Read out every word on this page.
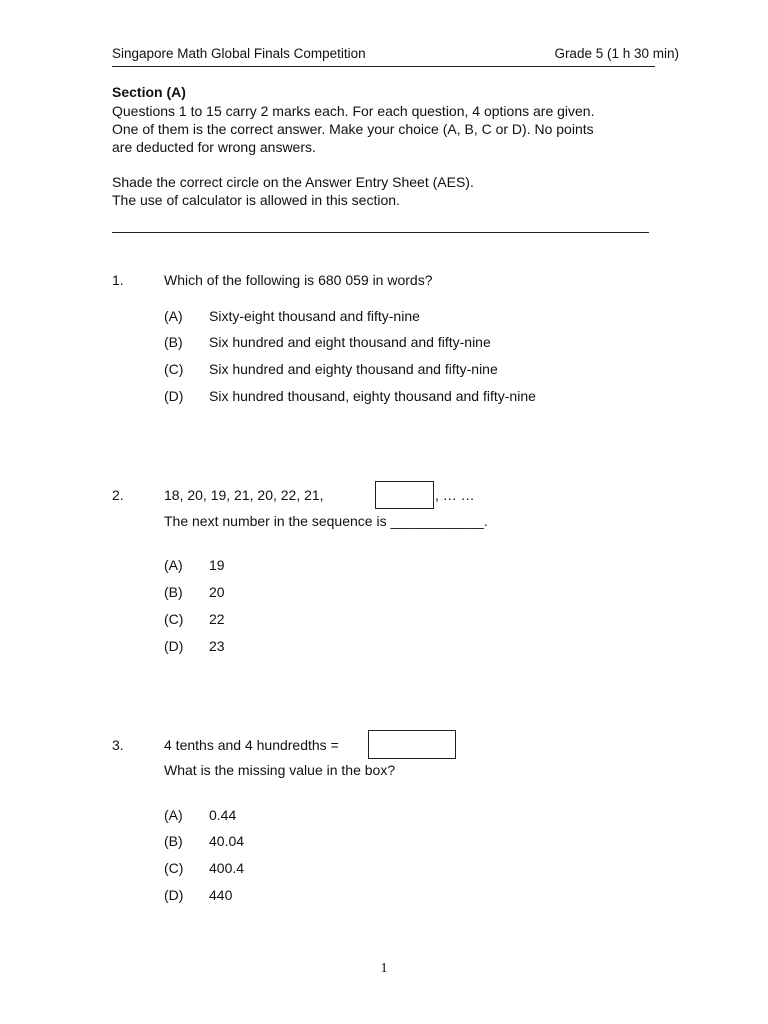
Singapore Math Global Finals Competition	Grade 5 (1 h 30 min)
Section (A)
Questions 1 to 15 carry 2 marks each. For each question, 4 options are given.
One of them is the correct answer. Make your choice (A, B, C or D). No points
are deducted for wrong answers.
Shade the correct circle on the Answer Entry Sheet (AES).
The use of calculator is allowed in this section.
1.	Which of the following is 680 059 in words?
(A) Sixty-eight thousand and fifty-nine
(B) Six hundred and eight thousand and fifty-nine
(C) Six hundred and eighty thousand and fifty-nine
(D) Six hundred thousand, eighty thousand and fifty-nine
2.	18, 20, 19, 21, 20, 22, 21,	, … …
The next number in the sequence is ____________.
(A) 19
(B) 20
(C) 22
(D) 23
3.	4 tenths and 4 hundredths =
What is the missing value in the box?
(A) 0.44
(B) 40.04
(C) 400.4
(D) 440
1
